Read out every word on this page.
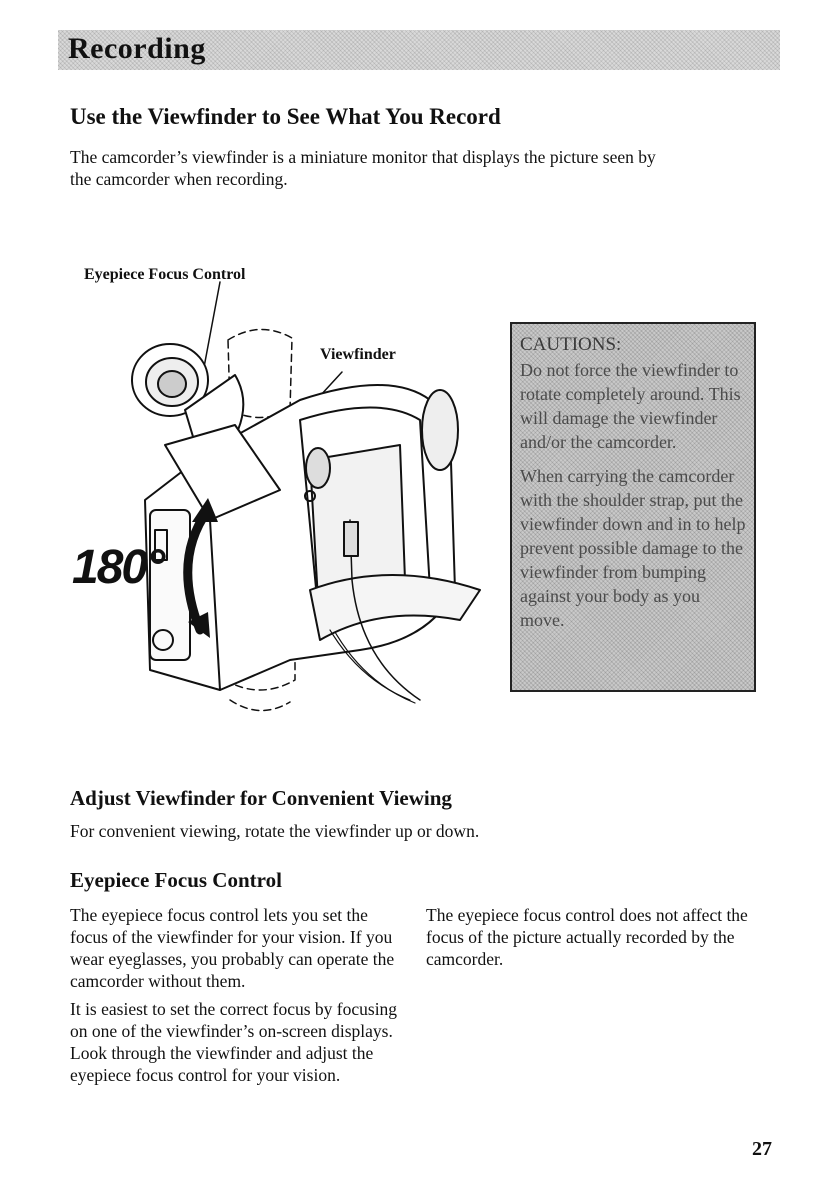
Recording
Use the Viewfinder to See What You Record
The camcorder’s viewfinder is a miniature monitor that displays the picture seen by the camcorder when recording.
Eyepiece Focus Control
Viewfinder
180°
CAUTIONS:

Do not force the viewfinder to rotate completely around. This will damage the viewfinder and/or the camcorder.

When carrying the camcorder with the shoulder strap, put the viewfinder down and in to help prevent possible damage to the viewfinder from bumping against your body as you move.

Adjust Viewfinder for Convenient Viewing
For convenient viewing, rotate the viewfinder up or down.
Eyepiece Focus Control

The eyepiece focus control lets you set the focus of the viewfinder for your vision. If you wear eyeglasses, you probably can operate the camcorder without them.

It is easiest to set the correct focus by focusing on one of the viewfinder’s on-screen displays. Look through the viewfinder and adjust the eyepiece focus control for your vision.

The eyepiece focus control does not affect the focus of the picture actually recorded by the camcorder.

27
